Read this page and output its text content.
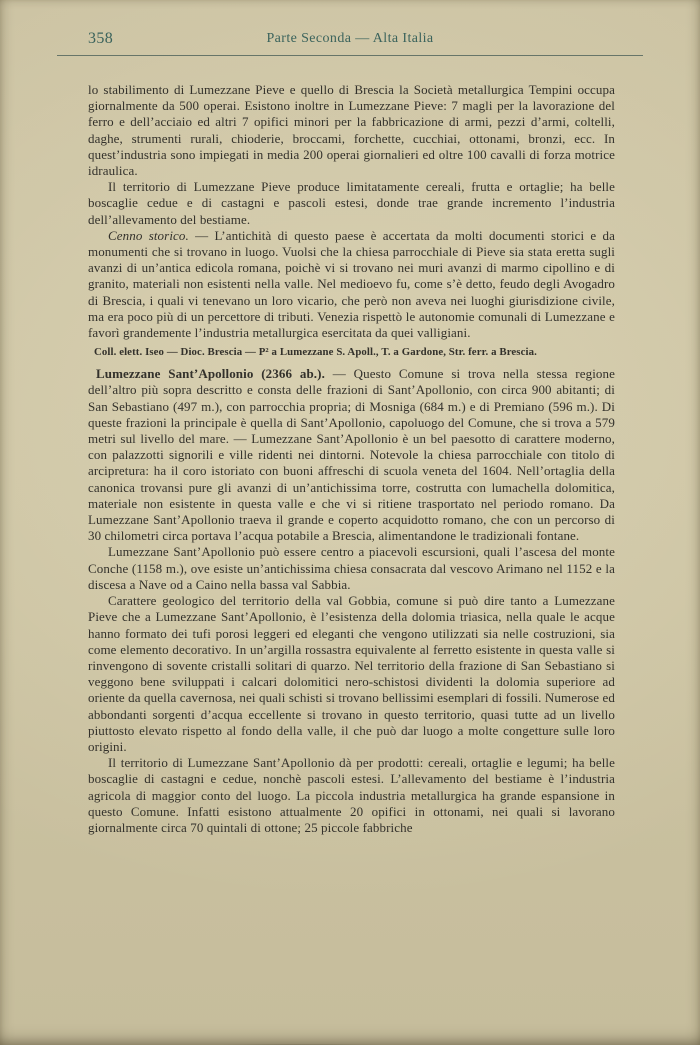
358	Parte Seconda — Alta Italia

lo stabilimento di Lumezzane Pieve e quello di Brescia la Società metallurgica Tempini occupa giornalmente da 500 operai. Esistono inoltre in Lumezzane Pieve: 7 magli per la lavorazione del ferro e dell’acciaio ed altri 7 opifici minori per la fabbricazione di armi, pezzi d’armi, coltelli, daghe, strumenti rurali, chioderie, broccami, forchette, cucchiai, ottonami, bronzi, ecc. In quest’industria sono impiegati in media 200 operai giornalieri ed oltre 100 cavalli di forza motrice idraulica.

Il territorio di Lumezzane Pieve produce limitatamente cereali, frutta e ortaglie; ha belle boscaglie cedue e di castagni e pascoli estesi, donde trae grande incremento l’industria dell’allevamento del bestiame.

Cenno storico. — L’antichità di questo paese è accertata da molti documenti storici e da monumenti che si trovano in luogo. Vuolsi che la chiesa parrocchiale di Pieve sia stata eretta sugli avanzi di un’antica edicola romana, poichè vi si trovano nei muri avanzi di marmo cipollino e di granito, materiali non esistenti nella valle. Nel medioevo fu, come s’è detto, feudo degli Avogadro di Brescia, i quali vi tenevano un loro vicario, che però non aveva nei luoghi giurisdizione civile, ma era poco più di un percettore di tributi. Venezia rispettò le autonomie comunali di Lumezzane e favorì grandemente l’industria metallurgica esercitata da quei valligiani.

Coll. elett. Iseo — Dioc. Brescia — P² a Lumezzane S. Apoll., T. a Gardone, Str. ferr. a Brescia.

Lumezzane Sant’Apollonio (2366 ab.). — Questo Comune si trova nella stessa regione dell’altro più sopra descritto e consta delle frazioni di Sant’Apollonio, con circa 900 abitanti; di San Sebastiano (497 m.), con parrocchia propria; di Mosniga (684 m.) e di Premiano (596 m.). Di queste frazioni la principale è quella di Sant’Apollonio, capoluogo del Comune, che si trova a 579 metri sul livello del mare. — Lumezzane Sant’Apollonio è un bel paesotto di carattere moderno, con palazzotti signorili e ville ridenti nei dintorni. Notevole la chiesa parrocchiale con titolo di arcipretura: ha il coro istoriato con buoni affreschi di scuola veneta del 1604. Nell’ortaglia della canonica trovansi pure gli avanzi di un’antichissima torre, costrutta con lumachella dolomitica, materiale non esistente in questa valle e che vi si ritiene trasportato nel periodo romano. Da Lumezzane Sant’Apollonio traeva il grande e coperto acquidotto romano, che con un percorso di 30 chilometri circa portava l’acqua potabile a Brescia, alimentandone le tradizionali fontane.

Lumezzane Sant’Apollonio può essere centro a piacevoli escursioni, quali l’ascesa del monte Conche (1158 m.), ove esiste un’antichissima chiesa consacrata dal vescovo Arimano nel 1152 e la discesa a Nave od a Caino nella bassa val Sabbia.

Carattere geologico del territorio della val Gobbia, comune si può dire tanto a Lumezzane Pieve che a Lumezzane Sant’Apollonio, è l’esistenza della dolomia triasica, nella quale le acque hanno formato dei tufi porosi leggeri ed eleganti che vengono utilizzati sia nelle costruzioni, sia come elemento decorativo. In un’argilla rossastra equivalente al ferretto esistente in questa valle si rinvengono di sovente cristalli solitari di quarzo. Nel territorio della frazione di San Sebastiano si veggono bene sviluppati i calcari dolomitici nero-schistosi dividenti la dolomia superiore ad oriente da quella cavernosa, nei quali schisti si trovano bellissimi esemplari di fossili. Numerose ed abbondanti sorgenti d’acqua eccellente si trovano in questo territorio, quasi tutte ad un livello piuttosto elevato rispetto al fondo della valle, il che può dar luogo a molte congetture sulle loro origini.

Il territorio di Lumezzane Sant’Apollonio dà per prodotti: cereali, ortaglie e legumi; ha belle boscaglie di castagni e cedue, nonchè pascoli estesi. L’allevamento del bestiame è l’industria agricola di maggior conto del luogo. La piccola industria metallurgica ha grande espansione in questo Comune. Infatti esistono attualmente 20 opifici in ottonami, nei quali si lavorano giornalmente circa 70 quintali di ottone; 25 piccole fabbriche
